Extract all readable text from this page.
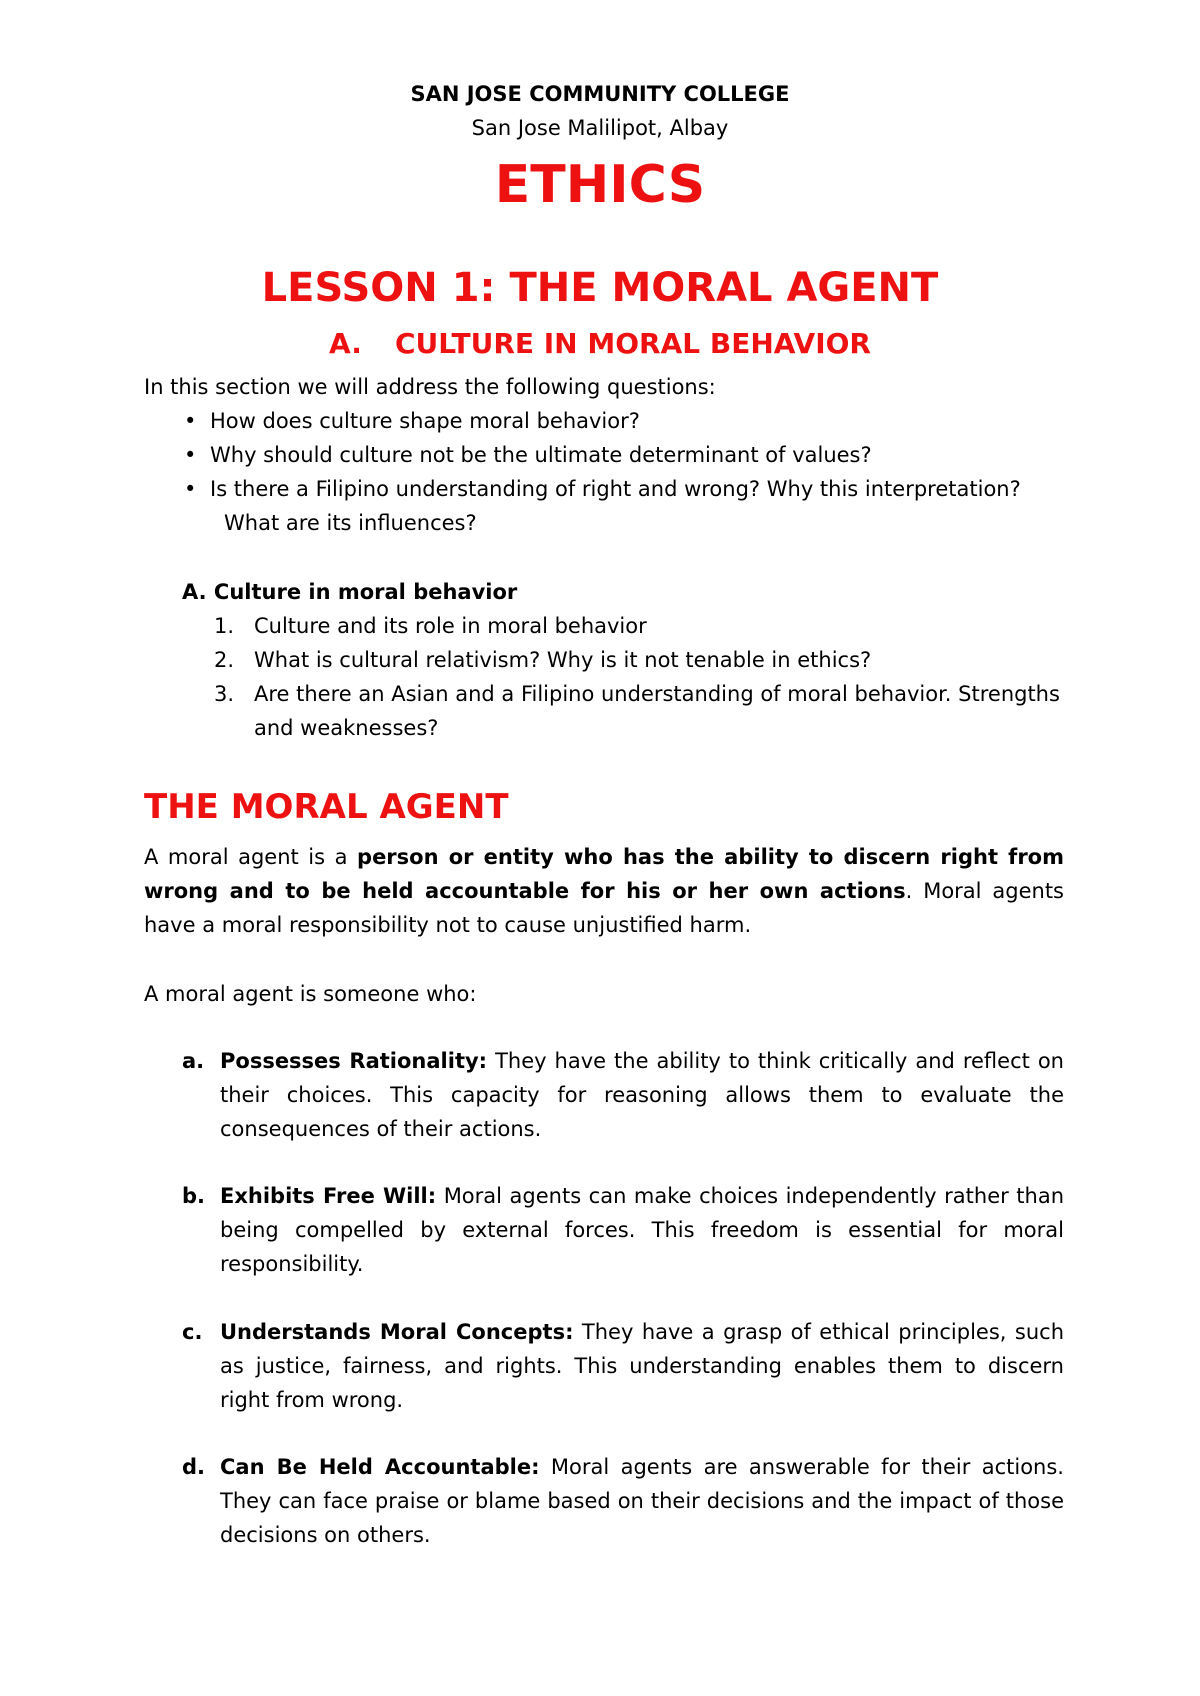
SAN JOSE COMMUNITY COLLEGE
San Jose Malilipot, Albay
ETHICS
LESSON 1: THE MORAL AGENT
A. CULTURE IN MORAL BEHAVIOR
In this section we will address the following questions:
• How does culture shape moral behavior?
• Why should culture not be the ultimate determinant of values?
• Is there a Filipino understanding of right and wrong? Why this interpretation?
What are its influences?
A. Culture in moral behavior
1. Culture and its role in moral behavior
2. What is cultural relativism? Why is it not tenable in ethics?
3. Are there an Asian and a Filipino understanding of moral behavior. Strengths
and weaknesses?
THE MORAL AGENT
A moral agent is a person or entity who has the ability to discern right from wrong and to be held accountable for his or her own actions. Moral agents have a moral responsibility not to cause unjustified harm.
A moral agent is someone who:
a. Possesses Rationality: They have the ability to think critically and reflect on their choices. This capacity for reasoning allows them to evaluate the consequences of their actions.
b. Exhibits Free Will: Moral agents can make choices independently rather than being compelled by external forces. This freedom is essential for moral responsibility.
c. Understands Moral Concepts: They have a grasp of ethical principles, such as justice, fairness, and rights. This understanding enables them to discern right from wrong.
d. Can Be Held Accountable: Moral agents are answerable for their actions. They can face praise or blame based on their decisions and the impact of those decisions on others.
